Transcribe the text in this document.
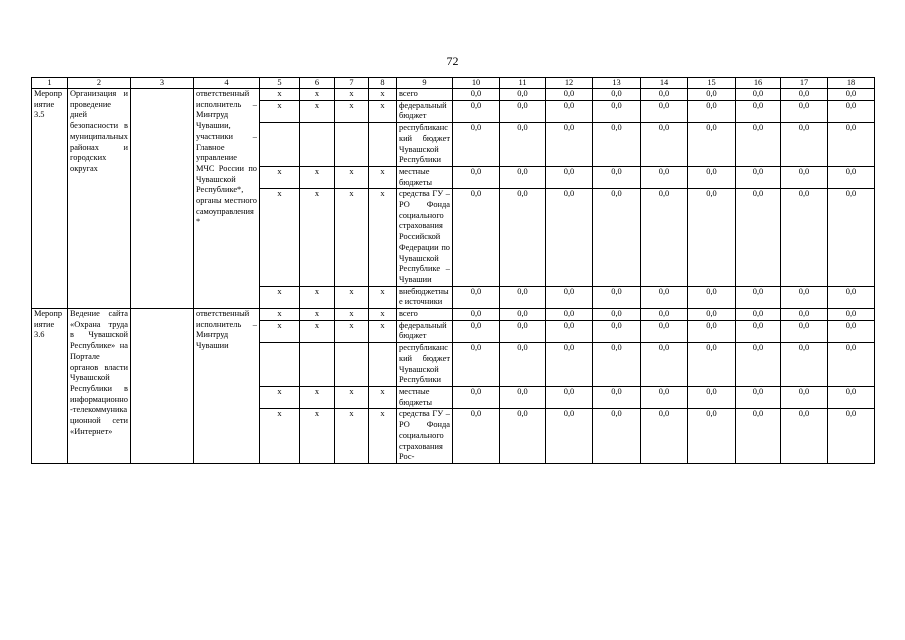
72
1	2	3	4	5	6	7	8	9	10	11	12	13	14	15	16	17	18
Мероприятие 3.5	Организация и проведение дней безопасности в муниципальных районах и городских округах		ответственный исполнитель – Минтруд Чувашии, участники – Главное управление МЧС России по Чувашской Республике*, органы местного самоуправления*	x	x	x	x	всего	0,0	0,0	0,0	0,0	0,0	0,0	0,0	0,0	0,0
				x	x	x	x	федеральный бюджет	0,0	0,0	0,0	0,0	0,0	0,0	0,0	0,0	0,0
								республиканский бюджет Чувашской Республики	0,0	0,0	0,0	0,0	0,0	0,0	0,0	0,0	0,0
				x	x	x	x	местные бюджеты	0,0	0,0	0,0	0,0	0,0	0,0	0,0	0,0	0,0
				x	x	x	x	средства ГУ – РО Фонда социального страхования Российской Федерации по Чувашской Республике – Чувашии	0,0	0,0	0,0	0,0	0,0	0,0	0,0	0,0	0,0
				x	x	x	x	внебюджетные источники	0,0	0,0	0,0	0,0	0,0	0,0	0,0	0,0	0,0
Мероприятие 3.6	Ведение сайта «Охрана труда в Чувашской Республике» на Портале органов власти Чувашской Республики в информационно-телекоммуникационной сети «Интернет»		ответственный исполнитель – Минтруд Чувашии	x	x	x	x	всего	0,0	0,0	0,0	0,0	0,0	0,0	0,0	0,0	0,0
				x	x	x	x	федеральный бюджет	0,0	0,0	0,0	0,0	0,0	0,0	0,0	0,0	0,0
								республиканский бюджет Чувашской Республики	0,0	0,0	0,0	0,0	0,0	0,0	0,0	0,0	0,0
				x	x	x	x	местные бюджеты	0,0	0,0	0,0	0,0	0,0	0,0	0,0	0,0	0,0
				x	x	x	x	средства ГУ – РО Фонда социального страхования Рос-	0,0	0,0	0,0	0,0	0,0	0,0	0,0	0,0	0,0
